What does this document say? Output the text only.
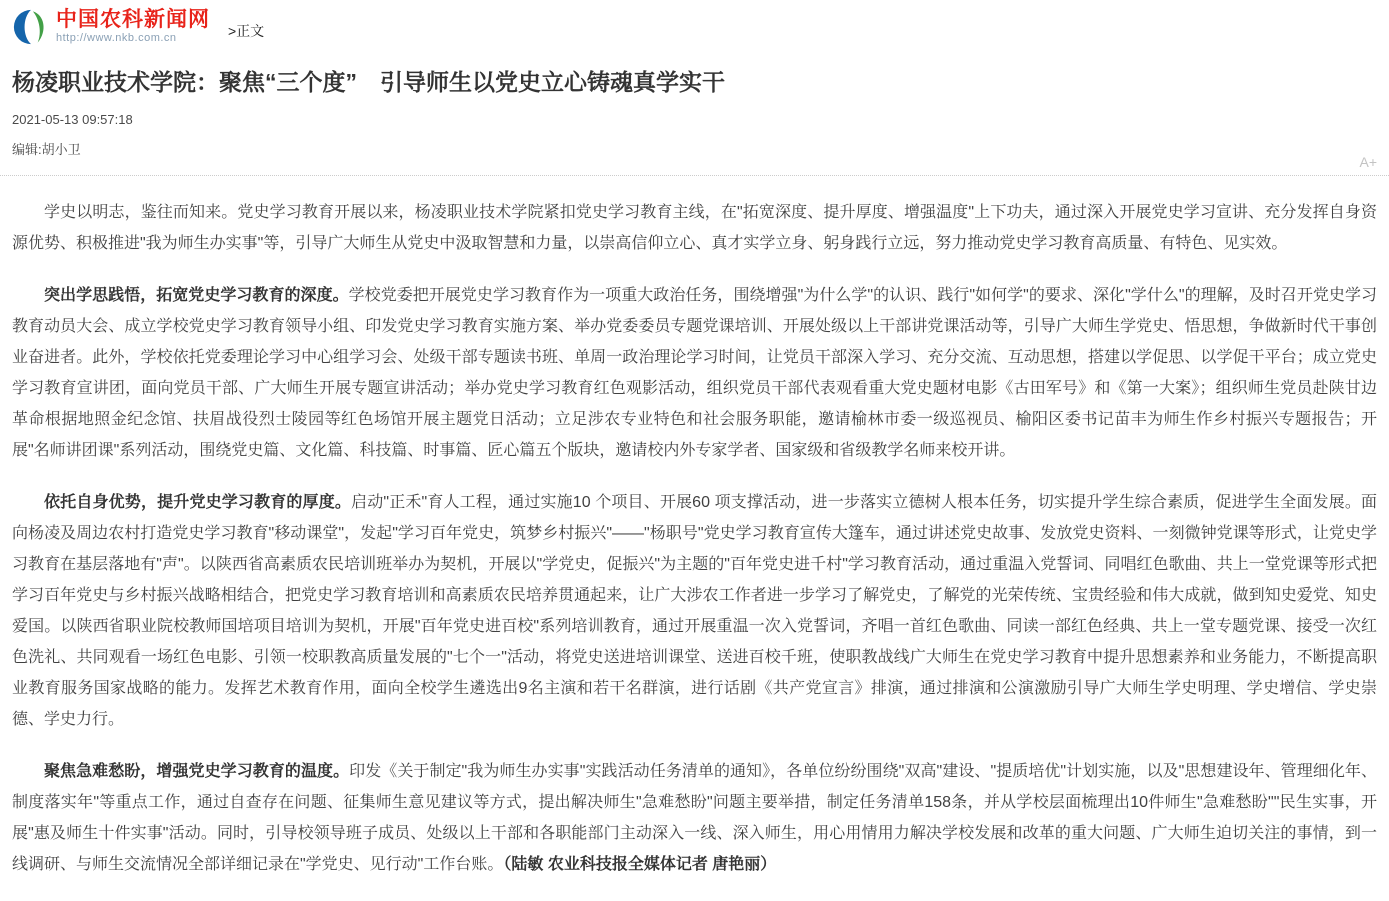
中国农科新闻网
http://www.nkb.com.cn	>正文
杨凌职业技术学院：聚焦“三个度”　引导师生以党史立心铸魂真学实干
2021-05-13 09:57:18
编辑:胡小卫
A+

学史以明志，鉴往而知来。党史学习教育开展以来，杨凌职业技术学院紧扣党史学习教育主线，在"拓宽深度、提升厚度、增强温度"上下功夫，通过深入开展党史学习宣讲、充分发挥自身资源优势、积极推进"我为师生办实事"等，引导广大师生从党史中汲取智慧和力量，以崇高信仰立心、真才实学立身、躬身践行立远，努力推动党史学习教育高质量、有特色、见实效。

突出学思践悟，拓宽党史学习教育的深度。学校党委把开展党史学习教育作为一项重大政治任务，围绕增强"为什么学"的认识、践行"如何学"的要求、深化"学什么"的理解，及时召开党史学习教育动员大会、成立学校党史学习教育领导小组、印发党史学习教育实施方案、举办党委委员专题党课培训、开展处级以上干部讲党课活动等，引导广大师生学党史、悟思想，争做新时代干事创业奋进者。此外，学校依托党委理论学习中心组学习会、处级干部专题读书班、单周一政治理论学习时间，让党员干部深入学习、充分交流、互动思想，搭建以学促思、以学促干平台；成立党史学习教育宣讲团，面向党员干部、广大师生开展专题宣讲活动；举办党史学习教育红色观影活动，组织党员干部代表观看重大党史题材电影《古田军号》和《第一大案》；组织师生党员赴陕甘边革命根据地照金纪念馆、扶眉战役烈士陵园等红色场馆开展主题党日活动；立足涉农专业特色和社会服务职能，邀请榆林市委一级巡视员、榆阳区委书记苗丰为师生作乡村振兴专题报告；开展"名师讲团课"系列活动，围绕党史篇、文化篇、科技篇、时事篇、匠心篇五个版块，邀请校内外专家学者、国家级和省级教学名师来校开讲。

依托自身优势，提升党史学习教育的厚度。启动"正禾"育人工程，通过实施10 个项目、开展60 项支撑活动，进一步落实立德树人根本任务，切实提升学生综合素质，促进学生全面发展。面向杨凌及周边农村打造党史学习教育"移动课堂"，发起"学习百年党史，筑梦乡村振兴"——"杨职号"党史学习教育宣传大篷车，通过讲述党史故事、发放党史资料、一刻微钟党课等形式，让党史学习教育在基层落地有"声"。以陕西省高素质农民培训班举办为契机，开展以"学党史，促振兴"为主题的"百年党史进千村"学习教育活动，通过重温入党誓词、同唱红色歌曲、共上一堂党课等形式把学习百年党史与乡村振兴战略相结合，把党史学习教育培训和高素质农民培养贯通起来，让广大涉农工作者进一步学习了解党史，了解党的光荣传统、宝贵经验和伟大成就，做到知史爱党、知史爱国。以陕西省职业院校教师国培项目培训为契机，开展"百年党史进百校"系列培训教育，通过开展重温一次入党誓词，齐唱一首红色歌曲、同读一部红色经典、共上一堂专题党课、接受一次红色洗礼、共同观看一场红色电影、引领一校职教高质量发展的"七个一"活动，将党史送进培训课堂、送进百校千班，使职教战线广大师生在党史学习教育中提升思想素养和业务能力，不断提高职业教育服务国家战略的能力。发挥艺术教育作用，面向全校学生遴选出9名主演和若干名群演，进行话剧《共产党宣言》排演，通过排演和公演激励引导广大师生学史明理、学史增信、学史崇德、学史力行。

聚焦急难愁盼，增强党史学习教育的温度。印发《关于制定"我为师生办实事"实践活动任务清单的通知》，各单位纷纷围绕"双高"建设、"提质培优"计划实施，以及"思想建设年、管理细化年、制度落实年"等重点工作，通过自查存在问题、征集师生意见建议等方式，提出解决师生"急难愁盼"问题主要举措，制定任务清单158条，并从学校层面梳理出10件师生"急难愁盼""民生实事，开展"惠及师生十件实事"活动。同时，引导校领导班子成员、处级以上干部和各职能部门主动深入一线、深入师生，用心用情用力解决学校发展和改革的重大问题、广大师生迫切关注的事情，到一线调研、与师生交流情况全部详细记录在"学党史、见行动"工作台账。（陆敏 农业科技报全媒体记者 唐艳丽）
